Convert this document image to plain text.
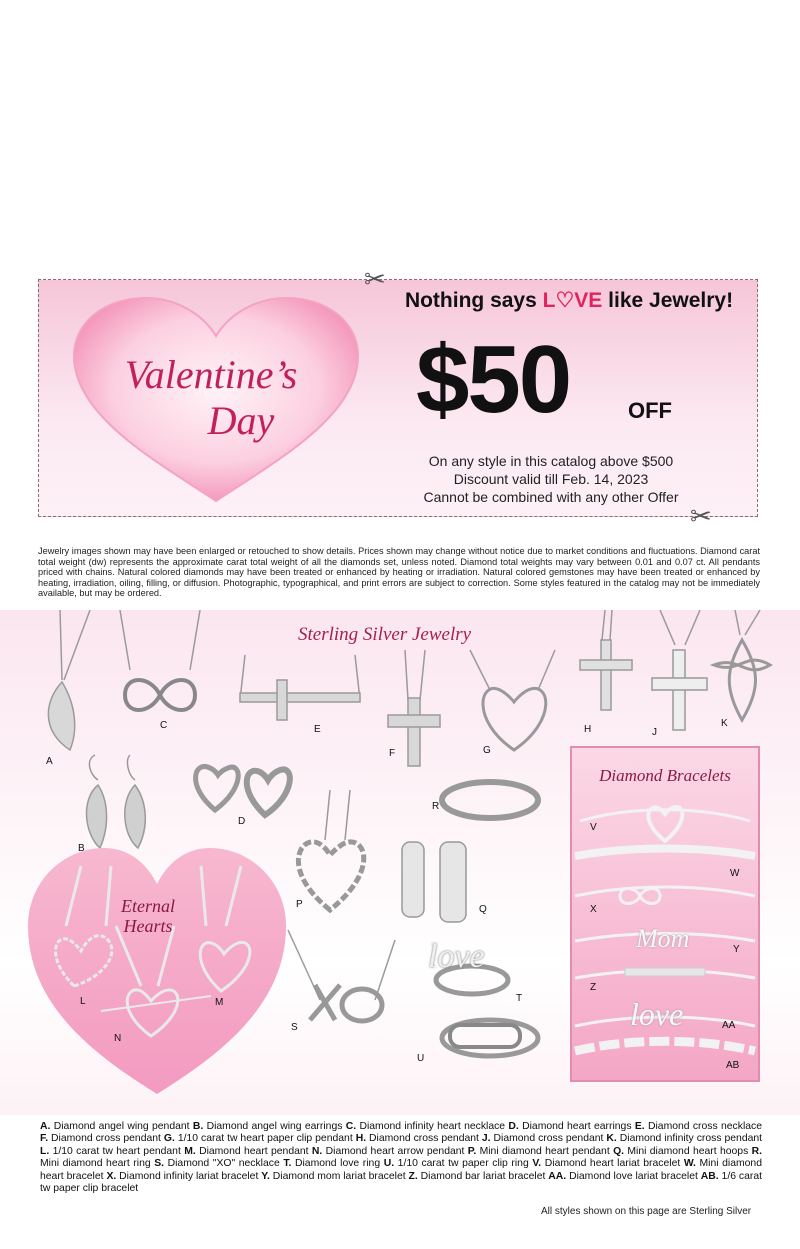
✂
✂
Valentine’s
Day
Nothing says L♡VE like Jewelry!
$50	OFF
On any style in this catalog above $500
Discount valid till Feb. 14, 2023
Cannot be combined with any other Offer
Jewelry images shown may have been enlarged or retouched to show details. Prices shown may change without notice due to market conditions and fluctuations. Diamond carat total weight (dw) represents the approximate carat total weight of all the diamonds set, unless noted. Diamond total weights may vary between 0.01 and 0.07 ct. All pendants priced with chains. Natural colored diamonds may have been treated or enhanced by heating or irradiation. Natural colored gemstones may have been treated or enhanced by heating, irradiation, oiling, filling, or diffusion. Photographic, typographical, and print errors are subject to correction. Some styles featured in the catalog may not be immediately available, but may be ordered.
Sterling Silver Jewelry
Diamond Bracelets
Mom
love
love
Eternal
Hearts
A
C	E
F	G
H	J
K
B
D
R
P	Q
V
W
X
Y
Z
AA
AB
L	M
N
S
T
U
A. Diamond angel wing pendant B. Diamond angel wing earrings C. Diamond infinity heart necklace D. Diamond heart earrings E. Diamond cross necklace F. Diamond cross pendant G. 1/10 carat tw heart paper clip pendant H. Diamond cross pendant J. Diamond cross pendant K. Diamond infinity cross pendant L. 1/10 carat tw heart pendant M. Diamond heart pendant N. Diamond heart arrow pendant P. Mini diamond heart pendant Q. Mini diamond heart hoops R. Mini diamond heart ring S. Diamond "XO" necklace T. Diamond love ring U. 1/10 carat tw paper clip ring V. Diamond heart lariat bracelet W. Mini diamond heart bracelet X. Diamond infinity lariat bracelet Y. Diamond mom lariat bracelet Z. Diamond bar lariat bracelet AA. Diamond love lariat bracelet AB. 1/6 carat tw paper clip bracelet
All styles shown on this page are Sterling Silver
